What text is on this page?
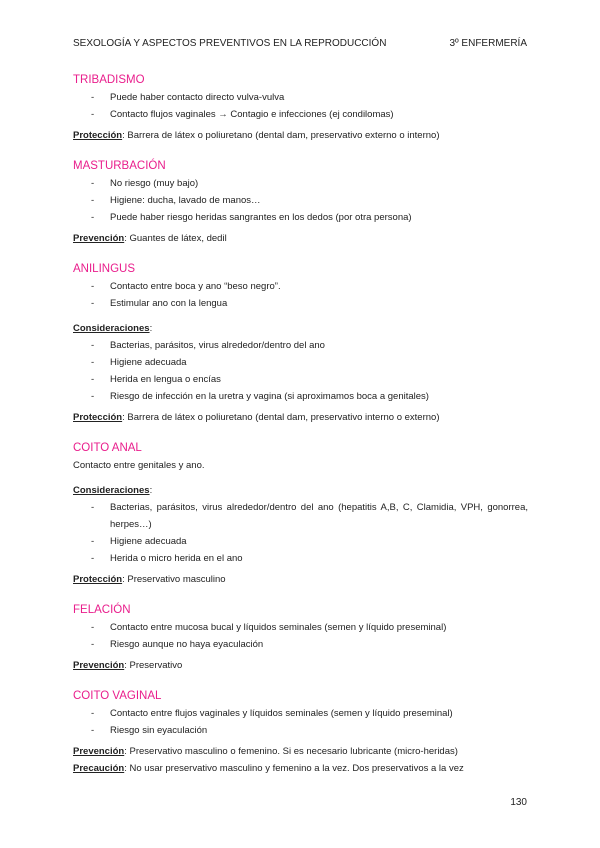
SEXOLOGÍA Y ASPECTOS PREVENTIVOS EN LA REPRODUCCIÓN	3º ENFERMERÍA
TRIBADISMO
- Puede haber contacto directo vulva-vulva
- Contacto flujos vaginales → Contagio e infecciones (ej condilomas)
Protección: Barrera de látex o poliuretano (dental dam, preservativo externo o interno)
MASTURBACIÓN
- No riesgo (muy bajo)
- Higiene: ducha, lavado de manos…
- Puede haber riesgo heridas sangrantes en los dedos (por otra persona)
Prevención: Guantes de látex, dedil
ANILINGUS
- Contacto entre boca y ano “beso negro”.
- Estimular ano con la lengua
Consideraciones:
- Bacterias, parásitos, virus alrededor/dentro del ano
- Higiene adecuada
- Herida en lengua o encías
- Riesgo de infección en la uretra y vagina (si aproximamos boca a genitales)
Protección: Barrera de látex o poliuretano (dental dam, preservativo interno o externo)
COITO ANAL

Contacto entre genitales y ano.

Consideraciones:
- Bacterias, parásitos, virus alrededor/dentro del ano (hepatitis A,B, C, Clamidia, VPH, gonorrea, herpes…)
- Higiene adecuada
- Herida o micro herida en el ano
Protección: Preservativo masculino
FELACIÓN
- Contacto entre mucosa bucal y líquidos seminales (semen y líquido preseminal)
- Riesgo aunque no haya eyaculación
Prevención: Preservativo
COITO VAGINAL
- Contacto entre flujos vaginales y líquidos seminales (semen y líquido preseminal)
- Riesgo sin eyaculación
Prevención: Preservativo masculino o femenino. Si es necesario lubricante (micro-heridas)
Precaución: No usar preservativo masculino y femenino a la vez. Dos preservativos a la vez
130
